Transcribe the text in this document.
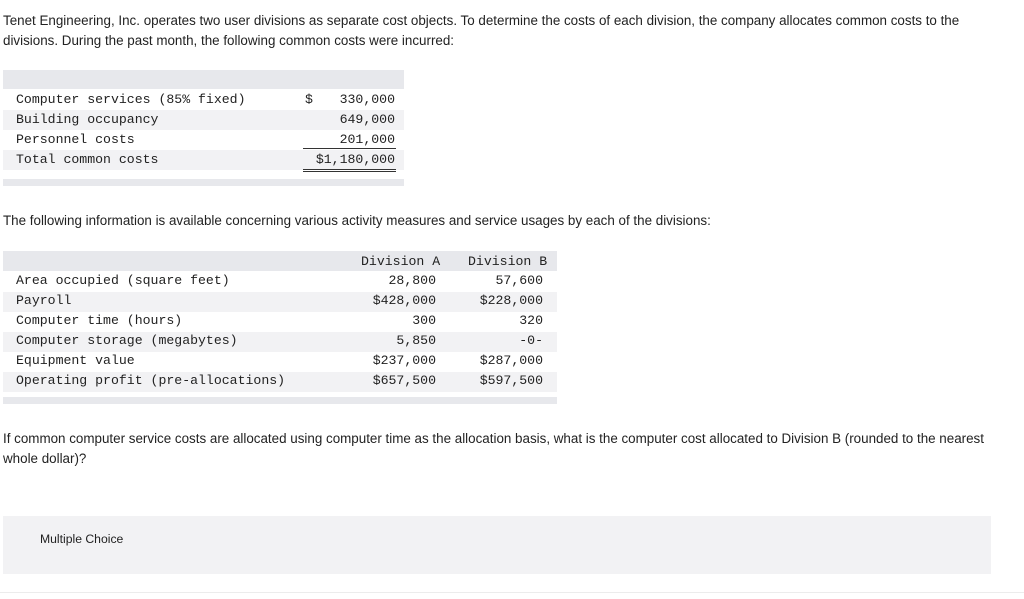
Tenet Engineering, Inc. operates two user divisions as separate cost objects. To determine the costs of each division, the company allocates common costs to the divisions. During the past month, the following common costs were incurred:
Computer services (85% fixed)	$ 330,000
Building occupancy	649,000
Personnel costs	201,000
Total common costs	$1,180,000
The following information is available concerning various activity measures and service usages by each of the divisions:
Division A Division B
Area occupied (square feet)	28,800	57,600
Payroll	$428,000	$228,000
Computer time (hours)	300	320
Computer storage (megabytes)	5,850	-0-
Equipment value	$237,000	$287,000
Operating profit (pre-allocations)	$657,500	$597,500
If common computer service costs are allocated using computer time as the allocation basis, what is the computer cost allocated to Division B (rounded to the nearest whole dollar)?
Multiple Choice
